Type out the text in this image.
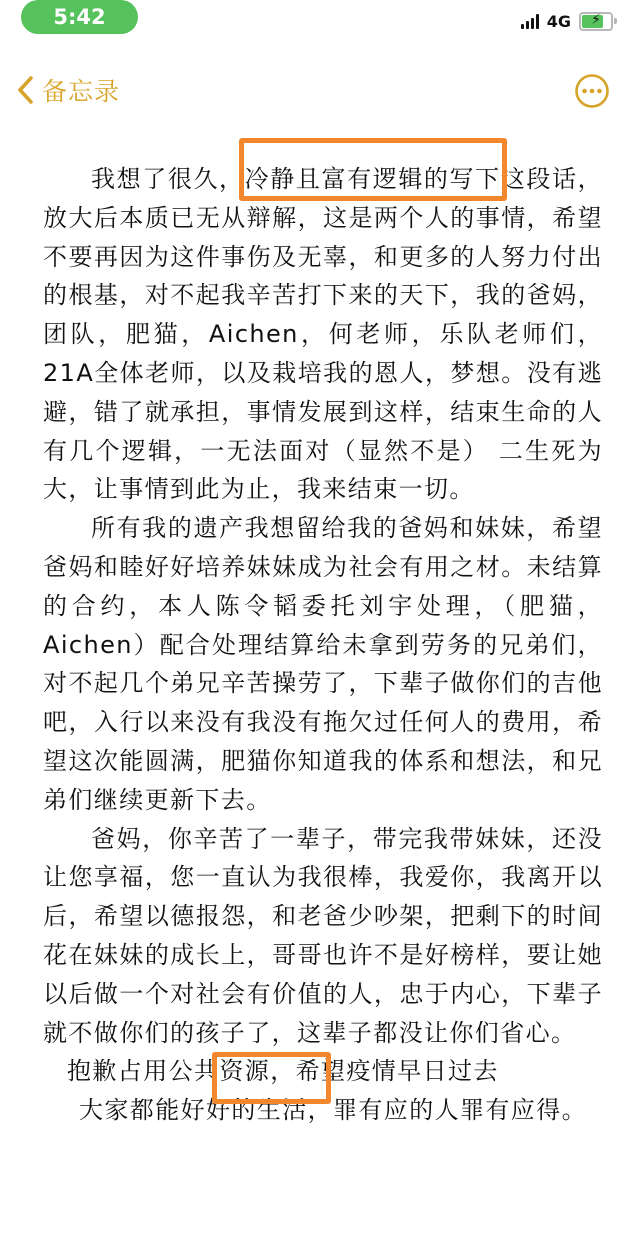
5:42	4G	⚡
备忘录

我想了很久，冷静且富有逻辑的写下这段话，放大后本质已无从辩解，这是两个人的事情，希望不要再因为这件事伤及无辜，和更多的人努力付出的根基，对不起我辛苦打下来的天下，我的爸妈，团队，肥猫，Aichen，何老师，乐队老师们，21A全体老师，以及栽培我的恩人，梦想。没有逃避，错了就承担，事情发展到这样，结束生命的人有几个逻辑，一无法面对（显然不是） 二生死为大，让事情到此为止，我来结束一切。

所有我的遗产我想留给我的爸妈和妹妹，希望爸妈和睦好好培养妹妹成为社会有用之材。未结算的合约，本人陈令韬委托刘宇处理，（肥猫，Aichen）配合处理结算给未拿到劳务的兄弟们，对不起几个弟兄辛苦操劳了，下辈子做你们的吉他吧，入行以来没有我没有拖欠过任何人的费用，希望这次能圆满，肥猫你知道我的体系和想法，和兄弟们继续更新下去。

爸妈，你辛苦了一辈子，带完我带妹妹，还没让您享福，您一直认为我很棒，我爱你，我离开以后，希望以德报怨，和老爸少吵架，把剩下的时间花在妹妹的成长上，哥哥也许不是好榜样，要让她以后做一个对社会有价值的人，忠于内心，下辈子就不做你们的孩子了，这辈子都没让你们省心。

抱歉占用公共资源，希望疫情早日过去

大家都能好好的生活，罪有应的人罪有应得。
